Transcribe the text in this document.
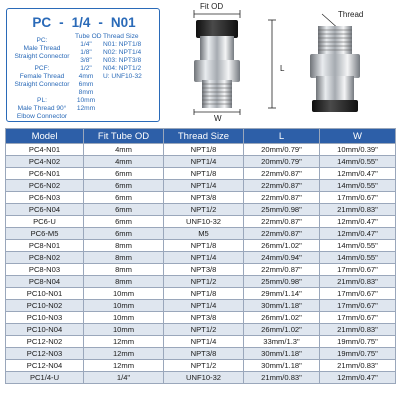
PC - 1/4 - N01
PC:
Male Thread
Straight Connector
PCF:
Female Thread
Straight Connector
PL:
Male Thread 90°
Elbow Connector
Tube OD
1/4"
1/8"
3/8"
1/2"
4mm
6mm
8mm
10mm
12mm
Thread Size
N01: NPT1/8
N02: NPT1/4
N03: NPT3/8
N04: NPT1/2
U: UNF10-32
Fit OD
Thread
L
W
Model	Fit Tube OD	Thread Size	L	W
PC4-N01	4mm	NPT1/8	20mm/0.79"	10mm/0.39"
PC4-N02	4mm	NPT1/4	20mm/0.79"	14mm/0.55"
PC6-N01	6mm	NPT1/8	22mm/0.87"	12mm/0.47"
PC6-N02	6mm	NPT1/4	22mm/0.87"	14mm/0.55"
PC6-N03	6mm	NPT3/8	22mm/0.87"	17mm/0.67"
PC6-N04	6mm	NPT1/2	25mm/0.98"	21mm/0.83"
PC6-U	6mm	UNF10-32	22mm/0.87"	12mm/0.47"
PC6-M5	6mm	M5	22mm/0.87"	12mm/0.47"
PC8-N01	8mm	NPT1/8	26mm/1.02"	14mm/0.55"
PC8-N02	8mm	NPT1/4	24mm/0.94"	14mm/0.55"
PC8-N03	8mm	NPT3/8	22mm/0.87"	17mm/0.67"
PC8-N04	8mm	NPT1/2	25mm/0.98"	21mm/0.83"
PC10-N01	10mm	NPT1/8	29mm/1.14"	17mm/0.67"
PC10-N02	10mm	NPT1/4	30mm/1.18"	17mm/0.67"
PC10-N03	10mm	NPT3/8	26mm/1.02"	17mm/0.67"
PC10-N04	10mm	NPT1/2	26mm/1.02"	21mm/0.83"
PC12-N02	12mm	NPT1/4	33mm/1.3"	19mm/0.75"
PC12-N03	12mm	NPT3/8	30mm/1.18"	19mm/0.75"
PC12-N04	12mm	NPT1/2	30mm/1.18"	21mm/0.83"
PC1/4-U	1/4"	UNF10-32	21mm/0.83"	12mm/0.47"
